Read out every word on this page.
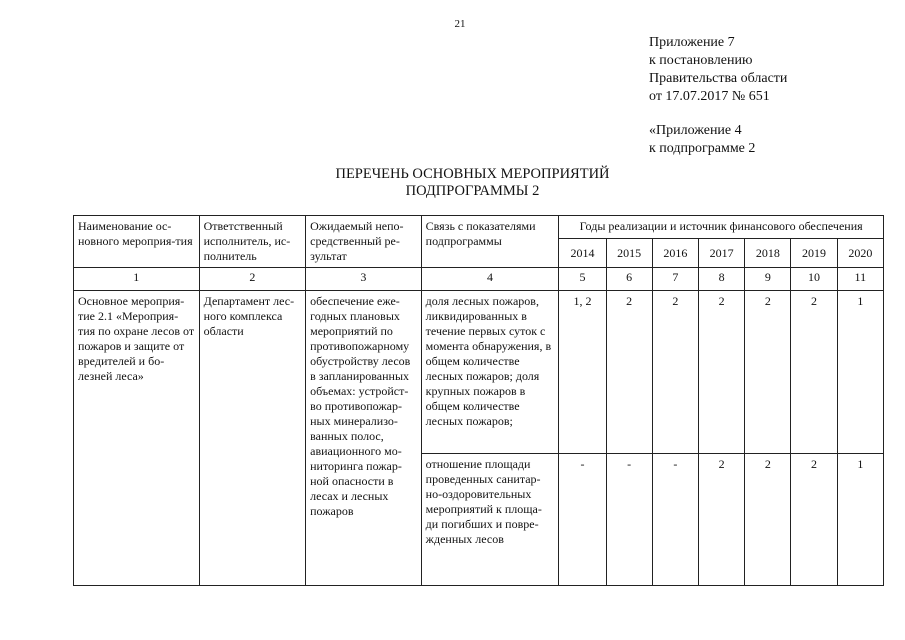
21
Приложение 7
к постановлению
Правительства области
от 17.07.2017 № 651
«Приложение 4
к подпрограмме 2
ПЕРЕЧЕНЬ ОСНОВНЫХ МЕРОПРИЯТИЙ
ПОДПРОГРАММЫ 2
Наименование ос-новного мероприя-тия	Ответственный исполнитель, ис-полнитель	Ожидаемый непо-средственный ре-зультат	Связь с показателями подпрограммы	Годы реализации и источник финансового обеспечения						
				2014	2015	2016	2017	2018	2019	2020
1	2	3	4	5	6	7	8	9	10	11
Основное мероприя-тие 2.1 «Мероприя-тия по охране лесов от пожаров и защите от вредителей и бо-лезней леса»	Департамент лес-ного комплекса области	обеспечение еже-годных плановых мероприятий по противопожарному обустройству лесов в запланированных объемах: устройст-во противопожар-ных минерализо-ванных полос, авиационного мо-ниторинга пожар-ной опасности в лесах и лесных пожаров	доля лесных пожаров, ликвидированных в течение первых суток с момента обнаружения, в общем количестве лесных пожаров; доля крупных пожаров в общем количестве лесных пожаров;	1, 2	2	2	2	2	2	1
			отношение площади проведенных санитар-но-оздоровительных мероприятий к площа-ди погибших и повре-жденных лесов	-	-	-	2	2	2	1
